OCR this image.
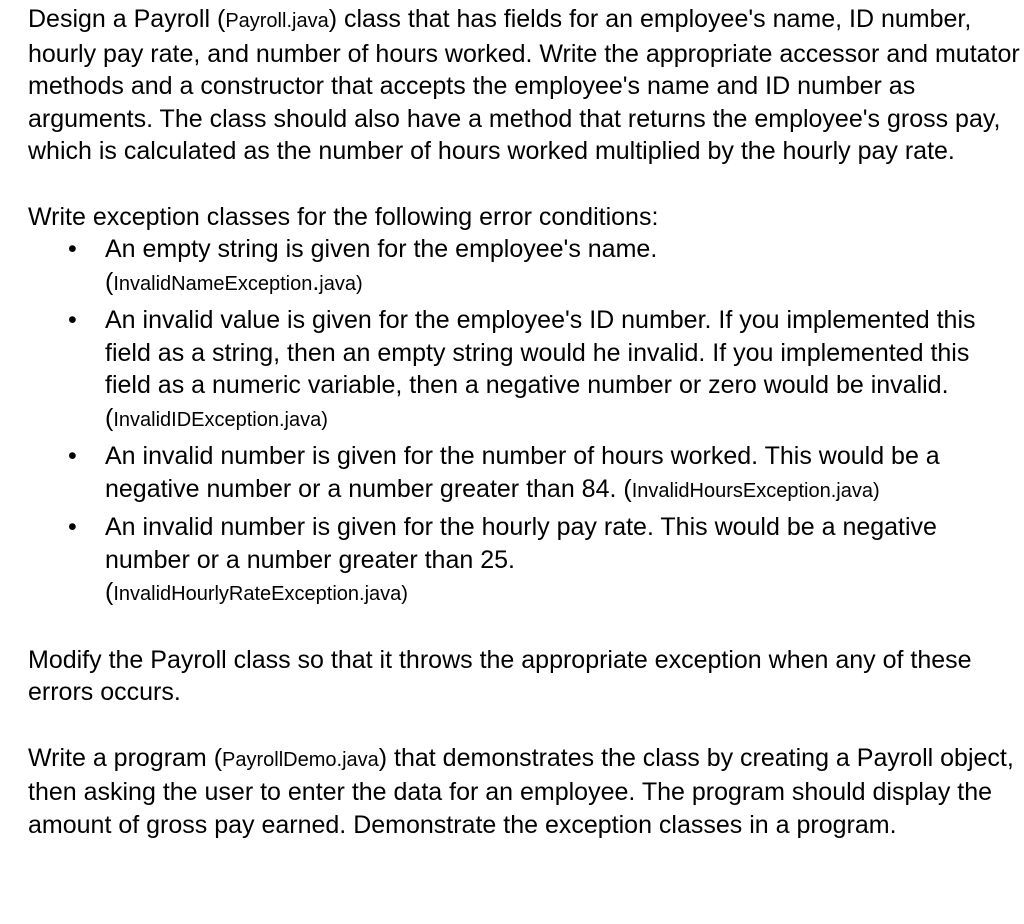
Design a Payroll (Payroll.java) class that has fields for an employee's name, ID number, hourly pay rate, and number of hours worked. Write the appropriate accessor and mutator methods and a constructor that accepts the employee's name and ID number as arguments. The class should also have a method that returns the employee's gross pay, which is calculated as the number of hours worked multiplied by the hourly pay rate.

Write exception classes for the following error conditions:

• An empty string is given for the employee's name.
(InvalidNameException.java)
• An invalid value is given for the employee's ID number. If you implemented this field as a string, then an empty string would he invalid. If you implemented this field as a numeric variable, then a negative number or zero would be invalid. (InvalidIDException.java)
• An invalid number is given for the number of hours worked. This would be a negative number or a number greater than 84. (InvalidHoursException.java)
• An invalid number is given for the hourly pay rate. This would be a negative number or a number greater than 25.
(InvalidHourlyRateException.java)

Modify the Payroll class so that it throws the appropriate exception when any of these errors occurs.

Write a program (PayrollDemo.java) that demonstrates the class by creating a Payroll object, then asking the user to enter the data for an employee. The program should display the amount of gross pay earned. Demonstrate the exception classes in a program.
